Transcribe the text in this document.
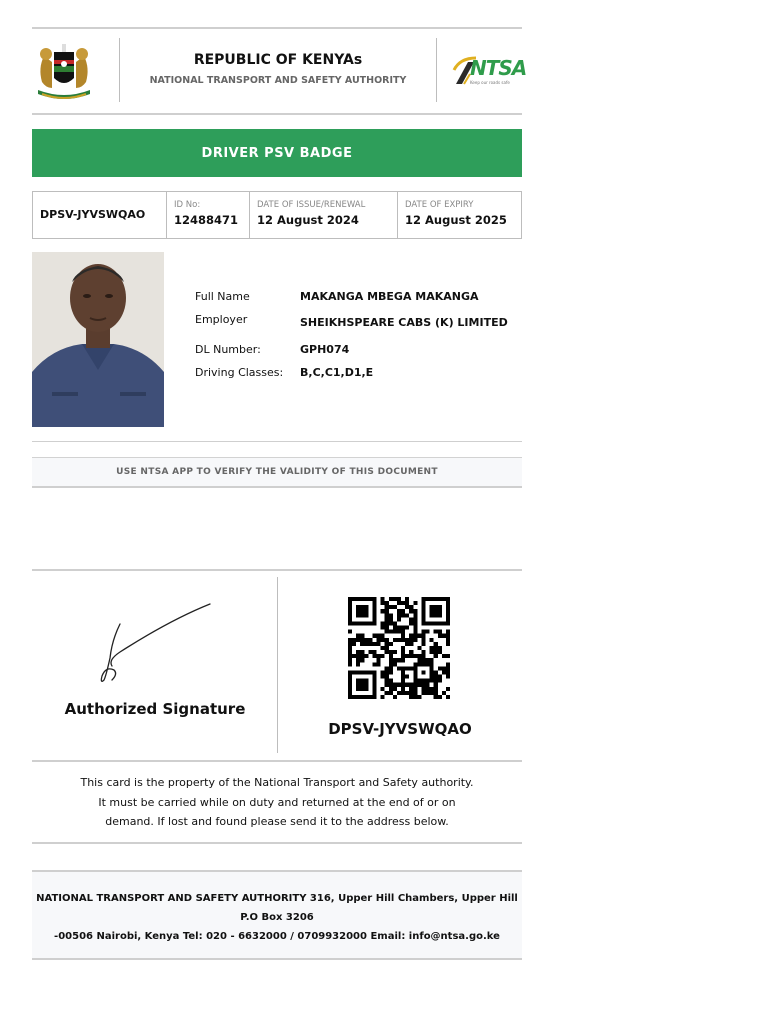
REPUBLIC OF KENYAs
NATIONAL TRANSPORT AND SAFETY AUTHORITY
NTSA
Keep our roads safe
DRIVER PSV BADGE
DPSV-JYVSWQAO
ID No:
12488471
DATE OF ISSUE/RENEWAL
12 August 2024
DATE OF EXPIRY
12 August 2025
Full Name	MAKANGA MBEGA MAKANGA
Employer	SHEIKHSPEARE CABS (K) LIMITED
DL Number:	GPH074
Driving Classes: B,C,C1,D1,E
USE NTSA APP TO VERIFY THE VALIDITY OF THIS DOCUMENT
Authorized Signature
DPSV-JYVSWQAO
This card is the property of the National Transport and Safety authority.
It must be carried while on duty and returned at the end of or on
demand. If lost and found please send it to the address below.
NATIONAL TRANSPORT AND SAFETY AUTHORITY 316, Upper Hill Chambers, Upper Hill
P.O Box 3206
-00506 Nairobi, Kenya Tel: 020 - 6632000 / 0709932000 Email: info@ntsa.go.ke
